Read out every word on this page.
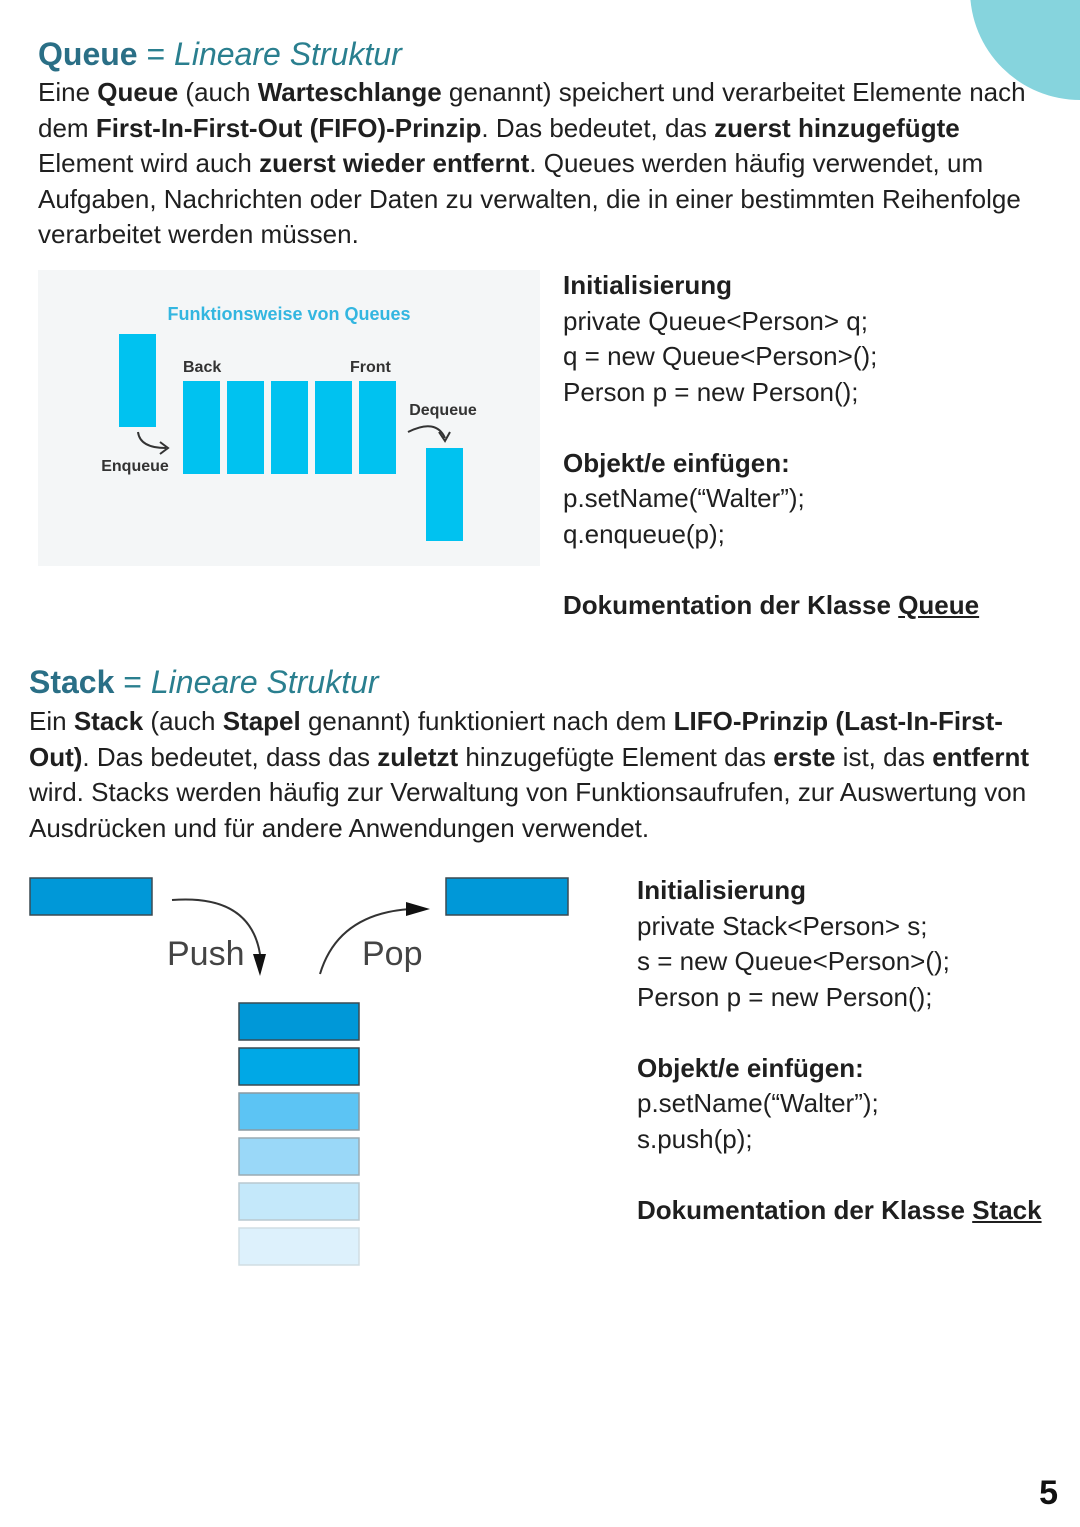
Queue = Lineare Struktur

Eine Queue (auch Warteschlange genannt) speichert und verarbeitet Elemente nach dem First-In-First-Out (FIFO)-Prinzip. Das bedeutet, das zuerst hinzugefügte Element wird auch zuerst wieder entfernt. Queues werden häufig verwendet, um Aufgaben, Nachrichten oder Daten zu verwalten, die in einer bestimmten Reihenfolge verarbeitet werden müssen.

Funktionsweise von Queues
Enqueue
Back	Front
Dequeue
Initialisierung
private Queue<Person> q;
q = new Queue<Person>();
Person p = new Person();
Objekt/e einfügen:
p.setName(“Walter”);
q.enqueue(p);
Dokumentation der Klasse Queue
Stack = Lineare Struktur

Ein Stack (auch Stapel genannt) funktioniert nach dem LIFO-Prinzip (Last-In-First-Out). Das bedeutet, dass das zuletzt hinzugefügte Element das erste ist, das entfernt wird. Stacks werden häufig zur Verwaltung von Funktionsaufrufen, zur Auswertung von Ausdrücken und für andere Anwendungen verwendet.

Push	Pop
Initialisierung
private Stack<Person> s;
s = new Queue<Person>();
Person p = new Person();
Objekt/e einfügen:
p.setName(“Walter”);
s.push(p);
Dokumentation der Klasse Stack
5
